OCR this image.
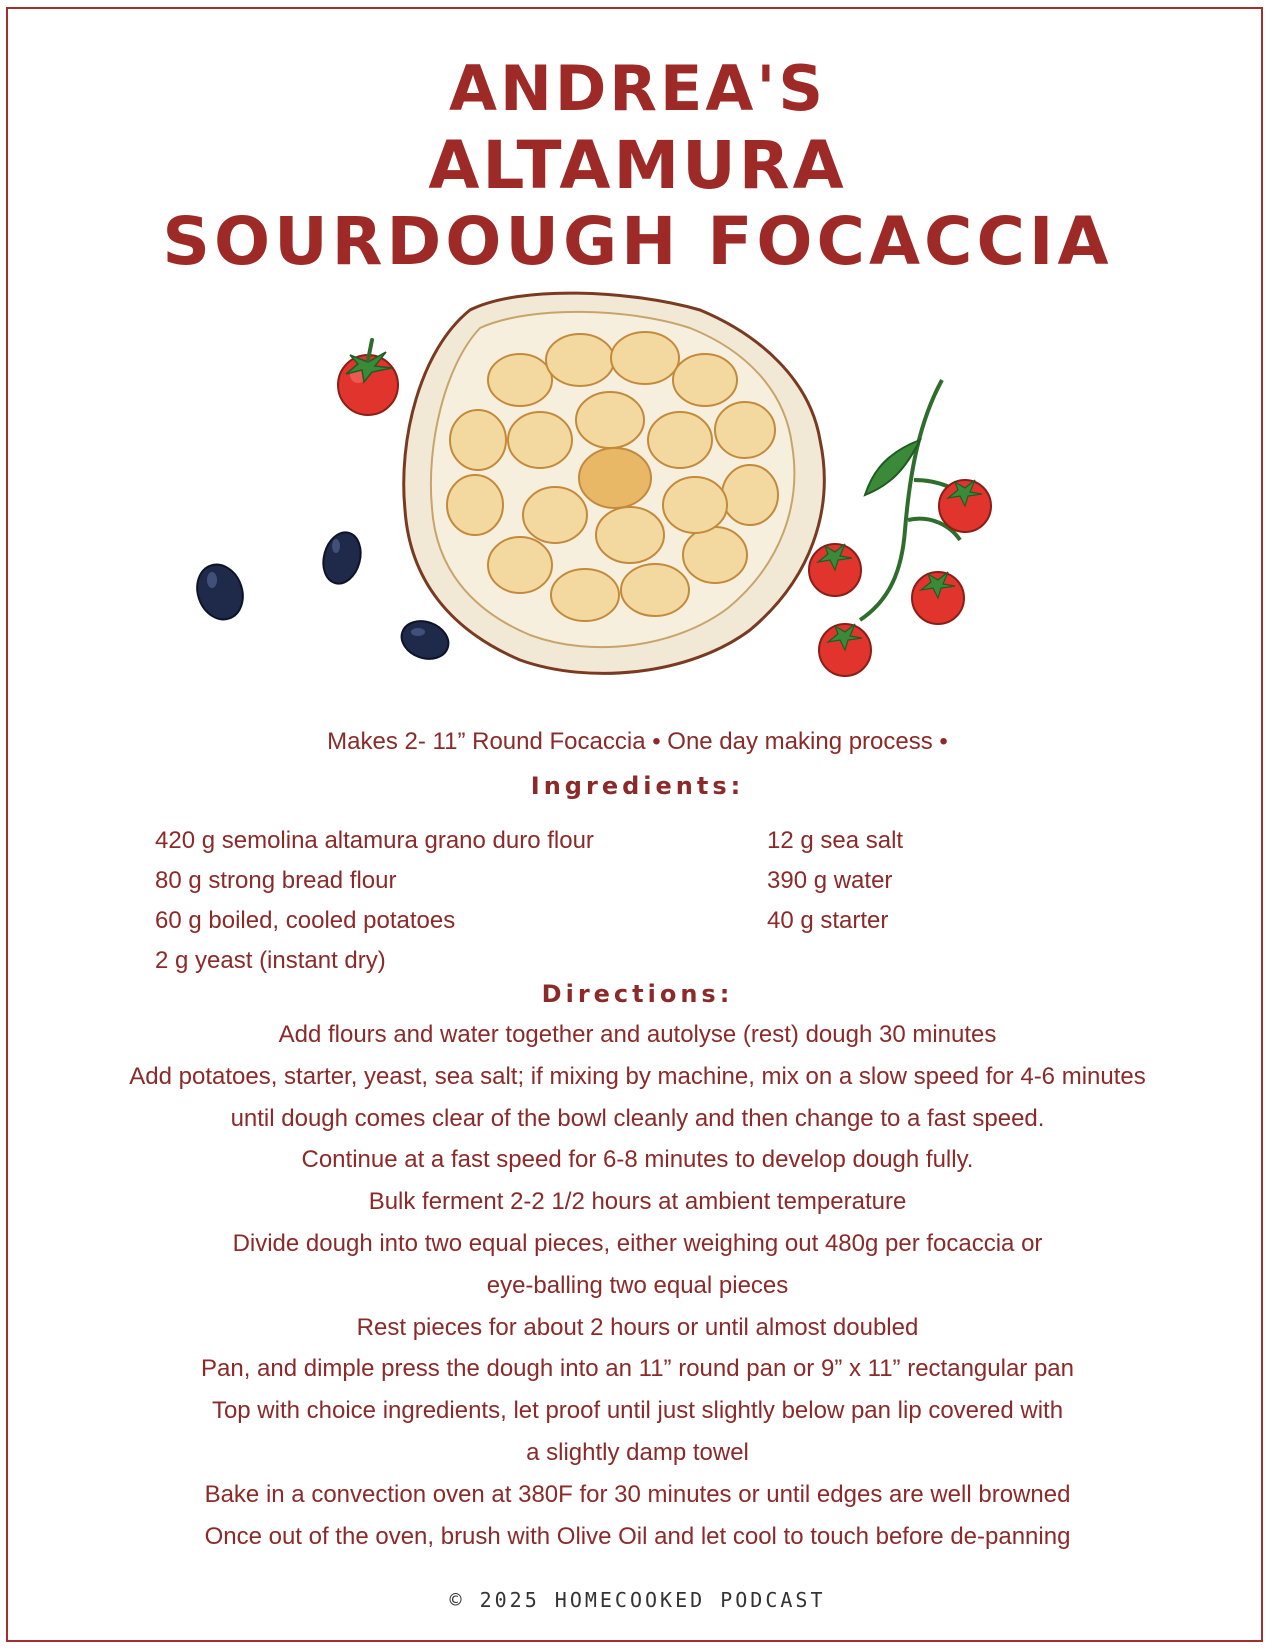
ANDREA'S
ALTAMURA
SOURDOUGH FOCACCIA

Makes 2- 11” Round Focaccia • One day making process •

Ingredients:
420 g semolina altamura grano duro flour
80 g strong bread flour
60 g boiled, cooled potatoes
2 g yeast (instant dry)
12 g sea salt
390 g water
40 g starter
Directions:
Add flours and water together and autolyse (rest) dough 30 minutes
Add potatoes, starter, yeast, sea salt; if mixing by machine, mix on a slow speed for 4-6 minutes
until dough comes clear of the bowl cleanly and then change to a fast speed.
Continue at a fast speed for 6-8 minutes to develop dough fully.
Bulk ferment 2-2 1/2 hours at ambient temperature
Divide dough into two equal pieces, either weighing out 480g per focaccia or
eye-balling two equal pieces
Rest pieces for about 2 hours or until almost doubled
Pan, and dimple press the dough into an 11” round pan or 9” x 11” rectangular pan
Top with choice ingredients, let proof until just slightly below pan lip covered with
a slightly damp towel
Bake in a convection oven at 380F for 30 minutes or until edges are well browned
Once out of the oven, brush with Olive Oil and let cool to touch before de-panning

© 2025 HOMECOOKED PODCAST
